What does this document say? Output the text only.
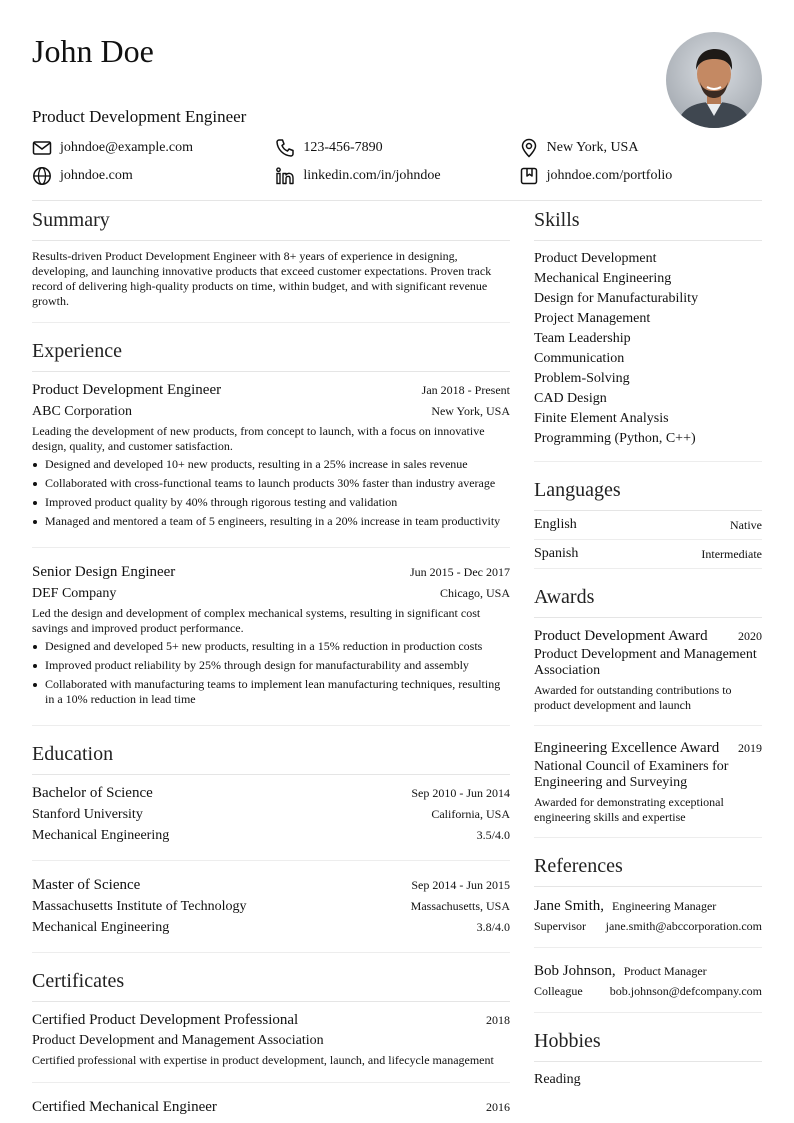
John Doe
Product Development Engineer
johndoe@example.com	123-456-7890	New York, USA
johndoe.com	linkedin.com/in/johndoe	johndoe.com/portfolio
Summary

Results-driven Product Development Engineer with 8+ years of experience in designing, developing, and launching innovative products that exceed customer expectations. Proven track record of delivering high-quality products on time, within budget, and with significant revenue growth.

Experience
Product Development Engineer	Jan 2018 - Present
ABC Corporation	New York, USA

Leading the development of new products, from concept to launch, with a focus on innovative design, quality, and customer satisfaction.

Designed and developed 10+ new products, resulting in a 25% increase in sales revenue
Collaborated with cross-functional teams to launch products 30% faster than industry average
Improved product quality by 40% through rigorous testing and validation
Managed and mentored a team of 5 engineers, resulting in a 20% increase in team productivity
Senior Design Engineer	Jun 2015 - Dec 2017
DEF Company	Chicago, USA

Led the design and development of complex mechanical systems, resulting in significant cost savings and improved product performance.

Designed and developed 5+ new products, resulting in a 15% reduction in production costs
Improved product reliability by 25% through design for manufacturability and assembly
Collaborated with manufacturing teams to implement lean manufacturing techniques, resulting in a 10% reduction in lead time
Education
Bachelor of Science	Sep 2010 - Jun 2014
Stanford University	California, USA
Mechanical Engineering	3.5/4.0
Master of Science	Sep 2014 - Jun 2015
Massachusetts Institute of Technology	Massachusetts, USA
Mechanical Engineering	3.8/4.0
Certificates
Certified Product Development Professional	2018
Product Development and Management Association

Certified professional with expertise in product development, launch, and lifecycle management

Certified Mechanical Engineer	2016
Skills
Product Development
Mechanical Engineering
Design for Manufacturability
Project Management
Team Leadership
Communication
Problem-Solving
CAD Design
Finite Element Analysis
Programming (Python, C++)
Languages
English	Native
Spanish	Intermediate
Awards
Product Development Award	2020
Product Development and Management Association

Awarded for outstanding contributions to product development and launch

Engineering Excellence Award 2019
National Council of Examiners for Engineering and Surveying

Awarded for demonstrating exceptional engineering skills and expertise

References
Jane Smith, Engineering Manager
Supervisor jane.smith@abccorporation.com
Bob Johnson, Product Manager
Colleague bob.johnson@defcompany.com
Hobbies
Reading
